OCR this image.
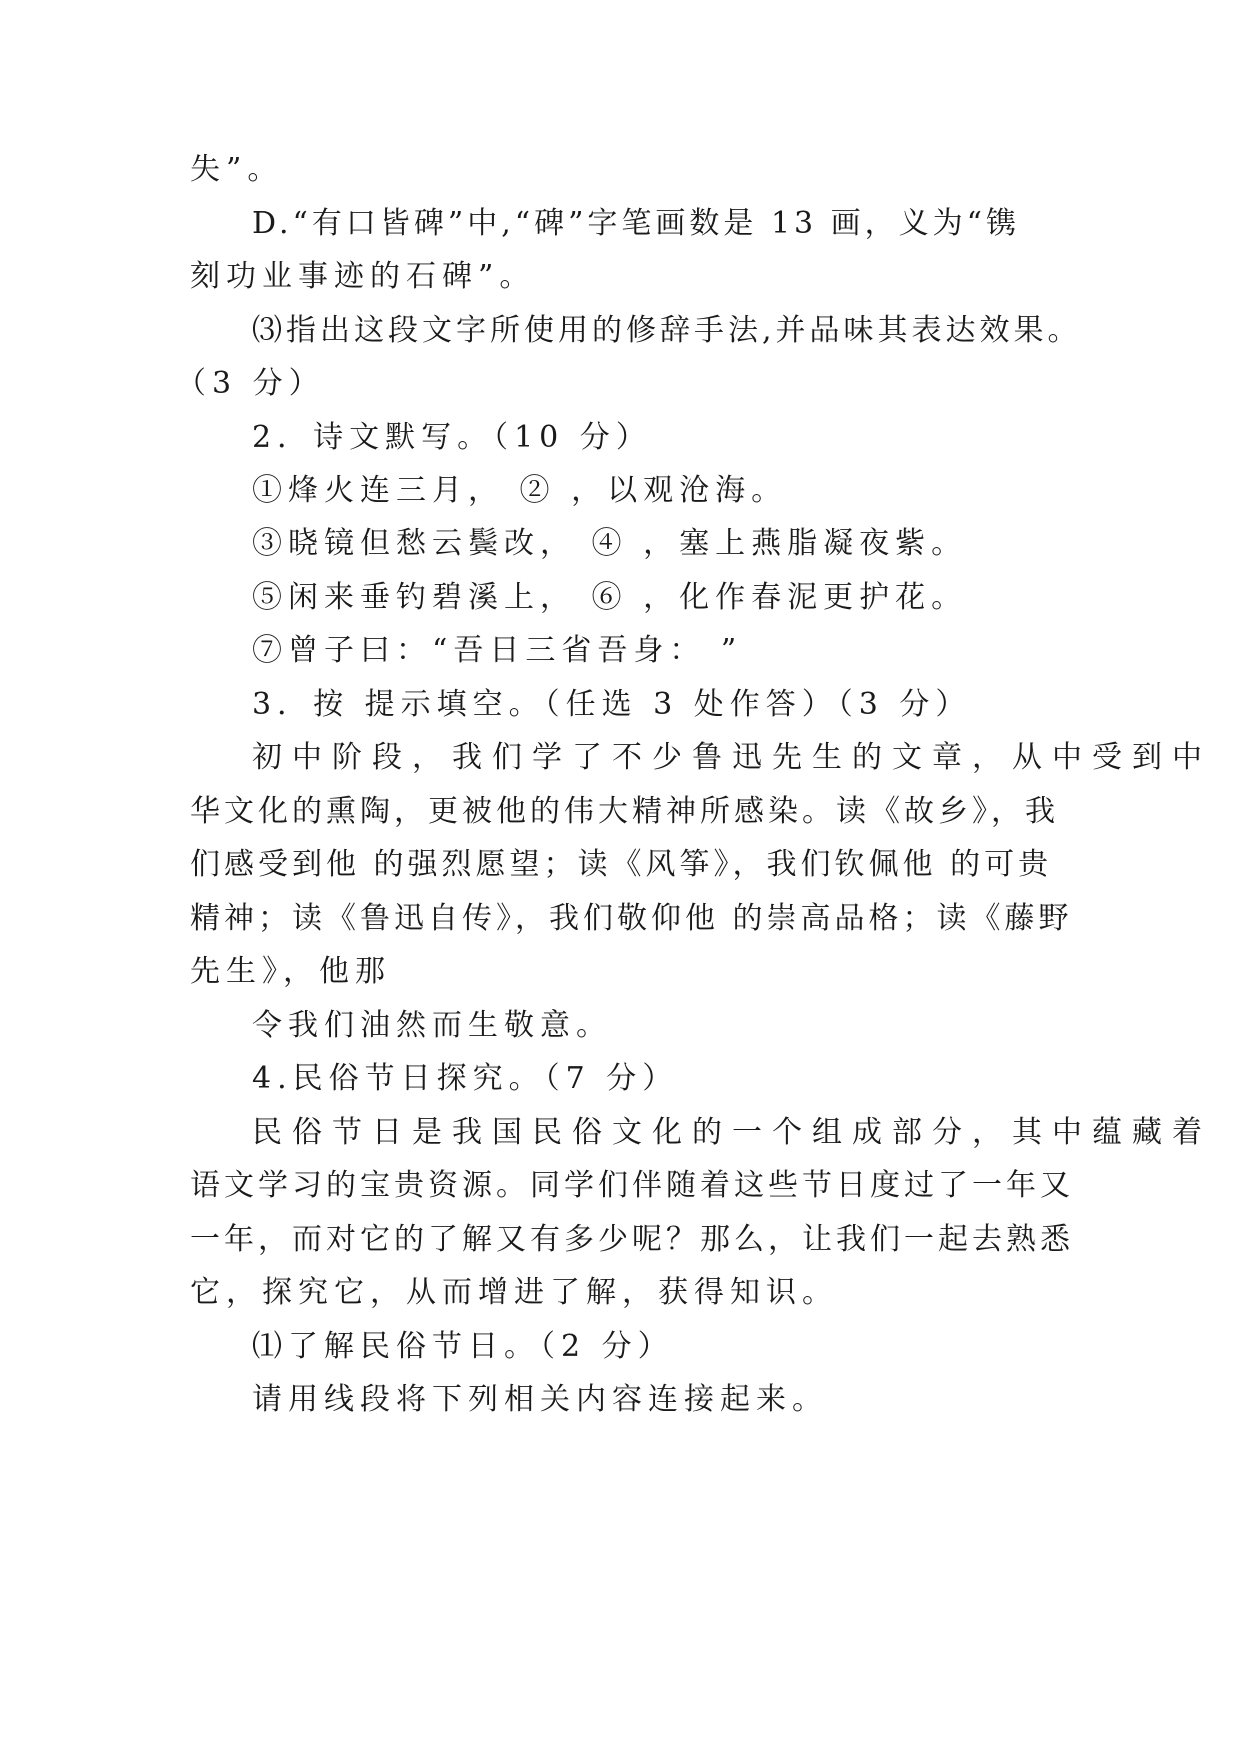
失”。

D.“有口皆碑”中,“碑”字笔画数是 13 画，义为“镌

刻功业事迹的石碑”。

⑶指出这段文字所使用的修辞手法,并品味其表达效果。

（3 分）

2．诗文默写。（10 分）

①烽火连三月， ② ，以观沧海。

③晓镜但愁云鬓改， ④ ，塞上燕脂凝夜紫。

⑤闲来垂钓碧溪上， ⑥ ，化作春泥更护花。

⑦曾子曰：“吾日三省吾身： ”

3．按 提示填空。（任选 3 处作答）（3 分）

初中阶段，我们学了不少鲁迅先生的文章，从中受到中

华文化的熏陶，更被他的伟大精神所感染。读《故乡》，我

们感受到他 的强烈愿望；读《风筝》，我们钦佩他 的可贵

精神；读《鲁迅自传》，我们敬仰他 的崇高品格；读《藤野

先生》，他那

令我们油然而生敬意。

4.民俗节日探究。（7 分）

民俗节日是我国民俗文化的一个组成部分，其中蕴藏着

语文学习的宝贵资源。同学们伴随着这些节日度过了一年又

一年，而对它的了解又有多少呢？那么，让我们一起去熟悉

它，探究它，从而增进了解，获得知识。

⑴了解民俗节日。（2 分）

请用线段将下列相关内容连接起来。
